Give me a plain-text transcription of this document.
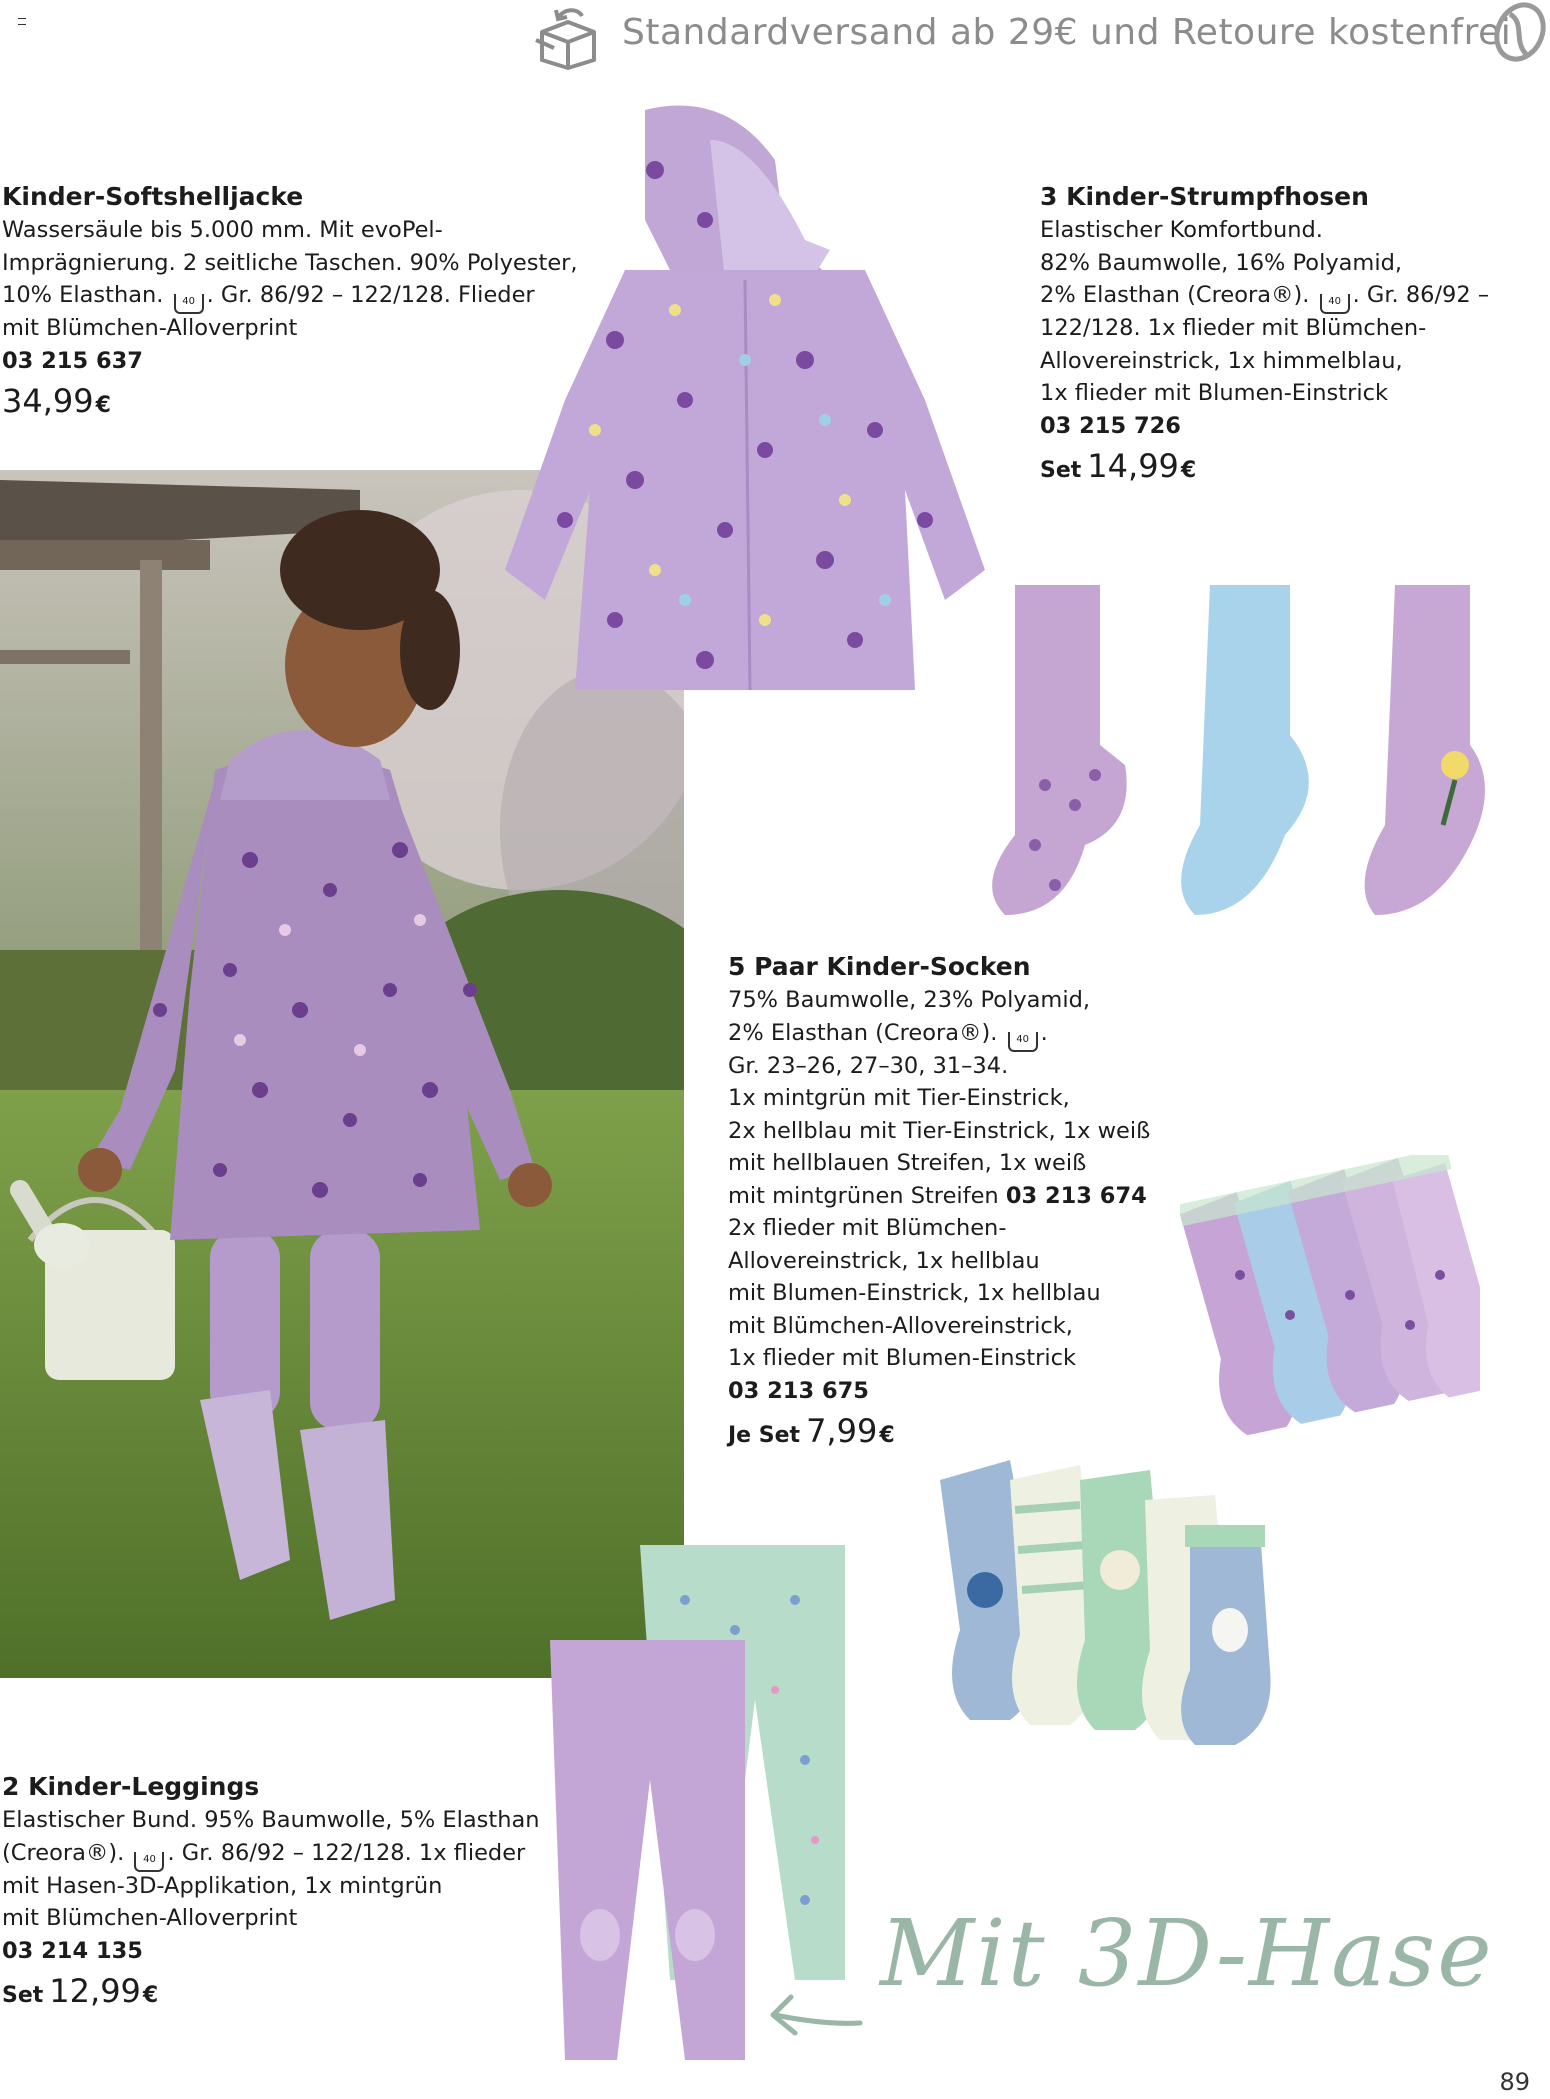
Standardversand ab 29€ und Retoure kostenfrei
Kinder-Softshelljacke
Wassersäule bis 5.000 mm. Mit evoPel-
Imprägnierung. 2 seitliche Taschen. 90% Polyester,
10% Elasthan. 40 . Gr. 86/92 – 122/128. Flieder
mit Blümchen-Alloverprint
03 215 637
34,99€
3 Kinder-Strumpfhosen
Elastischer Komfortbund.
82% Baumwolle, 16% Polyamid,
2% Elasthan (Creora®). 40 . Gr. 86/92 –
122/128. 1x flieder mit Blümchen-
Allovereinstrick, 1x himmelblau,
1x flieder mit Blumen-Einstrick
03 215 726
Set 14,99€
5 Paar Kinder-Socken
75% Baumwolle, 23% Polyamid,
2% Elasthan (Creora®). 40 .
Gr. 23–26, 27–30, 31–34.
1x mintgrün mit Tier-Einstrick,
2x hellblau mit Tier-Einstrick, 1x weiß
mit hellblauen Streifen, 1x weiß
mit mintgrünen Streifen 03 213 674
2x flieder mit Blümchen-
Allovereinstrick, 1x hellblau
mit Blumen-Einstrick, 1x hellblau
mit Blümchen-Allovereinstrick,
1x flieder mit Blumen-Einstrick
03 213 675
Je Set 7,99€
2 Kinder-Leggings
Elastischer Bund. 95% Baumwolle, 5% Elasthan
(Creora®). 40 . Gr. 86/92 – 122/128. 1x flieder
mit Hasen-3D-Applikation, 1x mintgrün
mit Blümchen-Alloverprint
03 214 135
Set 12,99€	Mit 3D-Hase
89
